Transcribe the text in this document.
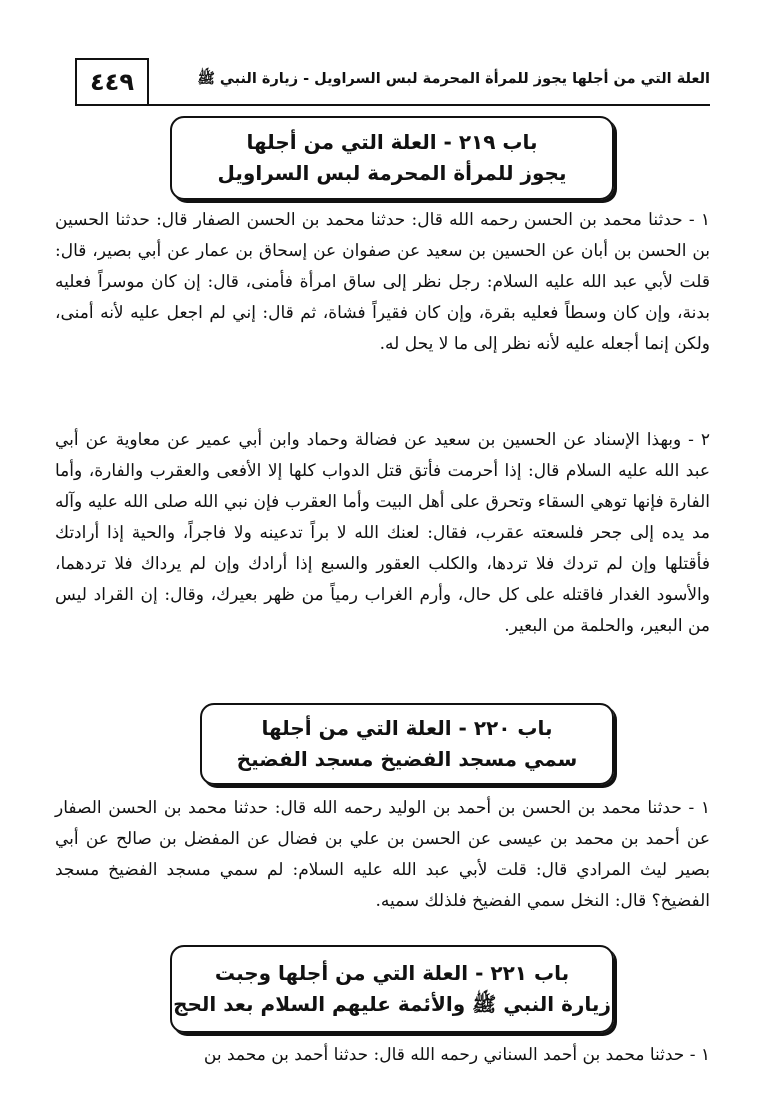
العلة التي من أجلها يجوز للمرأة المحرمة لبس السراويل - زيارة النبي ﷺ
٤٤٩
باب ٢١٩ - العلة التي من أجلها
يجوز للمرأة المحرمة لبس السراويل
١ - حدثنا محمد بن الحسن رحمه الله قال: حدثنا محمد بن الحسن الصفار قال: حدثنا الحسين بن الحسن بن أبان عن الحسين بن سعيد عن صفوان عن إسحاق بن عمار عن أبي بصير، قال: قلت لأبي عبد الله عليه السلام: رجل نظر إلى ساق امرأة فأمنى، قال: إن كان موسراً فعليه بدنة، وإن كان وسطاً فعليه بقرة، وإن كان فقيراً فشاة، ثم قال: إني لم اجعل عليه لأنه أمنى، ولكن إنما أجعله عليه لأنه نظر إلى ما لا يحل له.
٢ - وبهذا الإسناد عن الحسين بن سعيد عن فضالة وحماد وابن أبي عمير عن معاوية عن أبي عبد الله عليه السلام قال: إذا أحرمت فأتق قتل الدواب كلها إلا الأفعى والعقرب والفارة، وأما الفارة فإنها توهي السقاء وتحرق على أهل البيت وأما العقرب فإن نبي الله صلى الله عليه وآله مد يده إلى جحر فلسعته عقرب، فقال: لعنك الله لا براً تدعينه ولا فاجراً، والحية إذا أرادتك فأقتلها وإن لم تردك فلا تردها، والكلب العقور والسبع إذا أرادك وإن لم يرداك فلا تردهما، والأسود الغدار فاقتله على كل حال، وأرم الغراب رمياً من ظهر بعيرك، وقال: إن القراد ليس من البعير، والحلمة من البعير.
باب ٢٢٠ - العلة التي من أجلها
سمي مسجد الفضيخ مسجد الفضيخ
١ - حدثنا محمد بن الحسن بن أحمد بن الوليد رحمه الله قال: حدثنا محمد بن الحسن الصفار عن أحمد بن محمد بن عيسى عن الحسن بن علي بن فضال عن المفضل بن صالح عن أبي بصير ليث المرادي قال: قلت لأبي عبد الله عليه السلام: لم سمي مسجد الفضيخ مسجد الفضيخ؟ قال: النخل سمي الفضيخ فلذلك سميه.
باب ٢٢١ - العلة التي من أجلها وجبت
زيارة النبي ﷺ والأئمة عليهم السلام بعد الحج
١ - حدثنا محمد بن أحمد السناني رحمه الله قال: حدثنا أحمد بن محمد بن
